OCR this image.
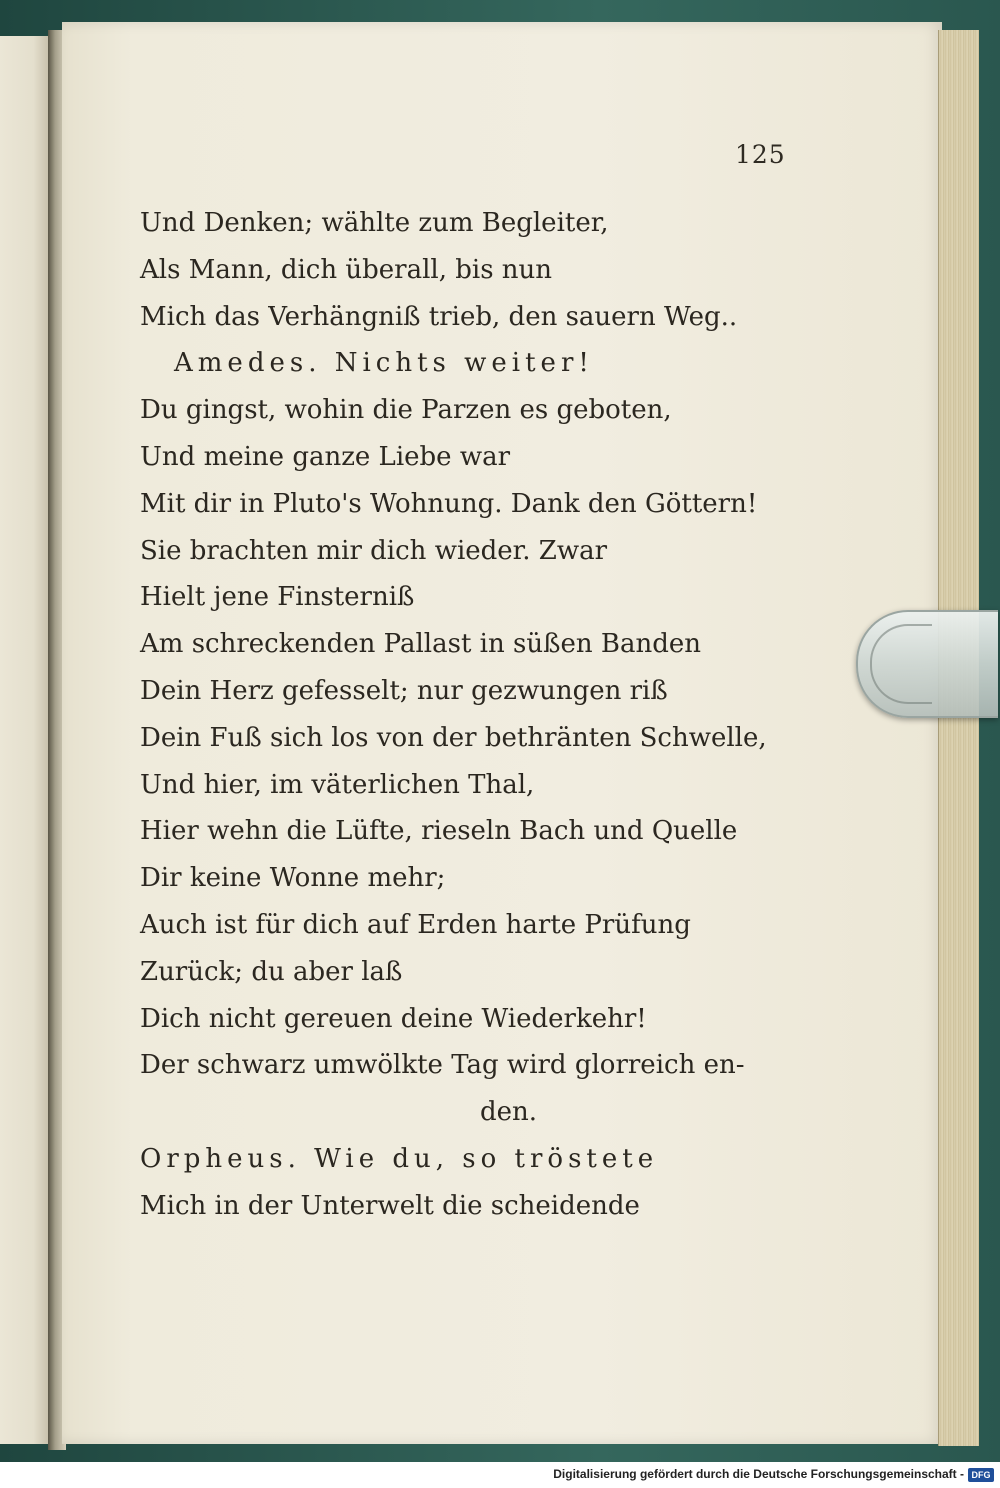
125
Und Denken; wählte zum Begleiter,
Als Mann, dich überall, bis nun
Mich das Verhängniß trieb, den sauern Weg..
Amedes. Nichts weiter!
Du gingst, wohin die Parzen es geboten,
Und meine ganze Liebe war
Mit dir in Pluto's Wohnung. Dank den Göttern!
Sie brachten mir dich wieder. Zwar
Hielt jene Finsterniß
Am schreckenden Pallast in süßen Banden
Dein Herz gefesselt; nur gezwungen riß
Dein Fuß sich los von der bethränten Schwelle,
Und hier, im väterlichen Thal,
Hier wehn die Lüfte, rieseln Bach und Quelle
Dir keine Wonne mehr;
Auch ist für dich auf Erden harte Prüfung
Zurück; du aber laß
Dich nicht gereuen deine Wiederkehr!
Der schwarz umwölkte Tag wird glorreich en-
den.
Orpheus. Wie du, so tröstete
Mich in der Unterwelt die scheidende
Digitalisierung gefördert durch die Deutsche Forschungsgemeinschaft - DFG
